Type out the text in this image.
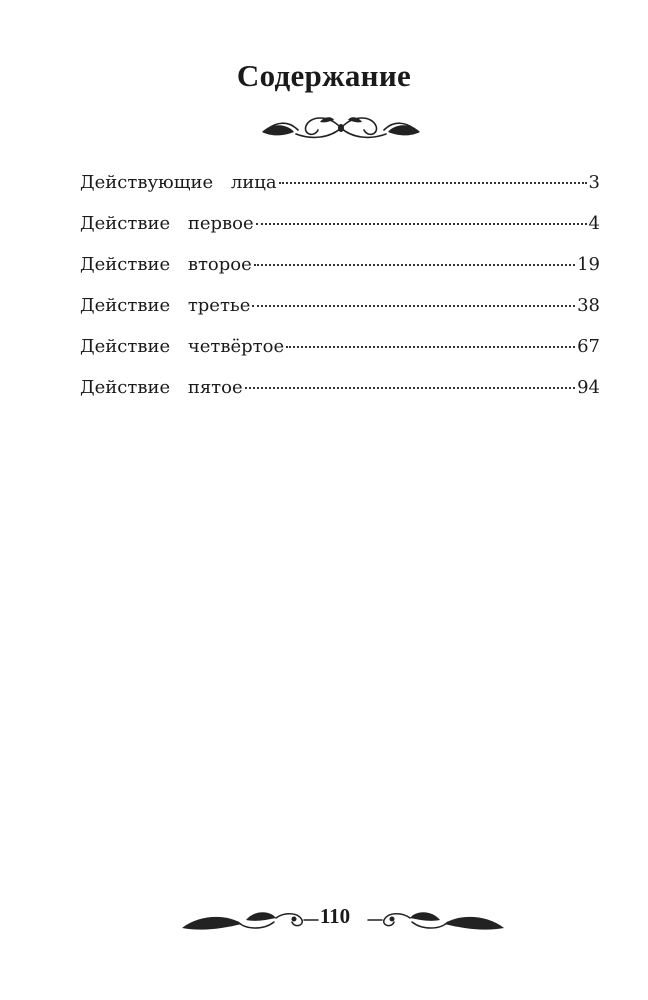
Содержание
Действующие лица	3
Действие первое	4
Действие второе	19
Действие третье	38
Действие четвёртое	67
Действие пятое	94
110
